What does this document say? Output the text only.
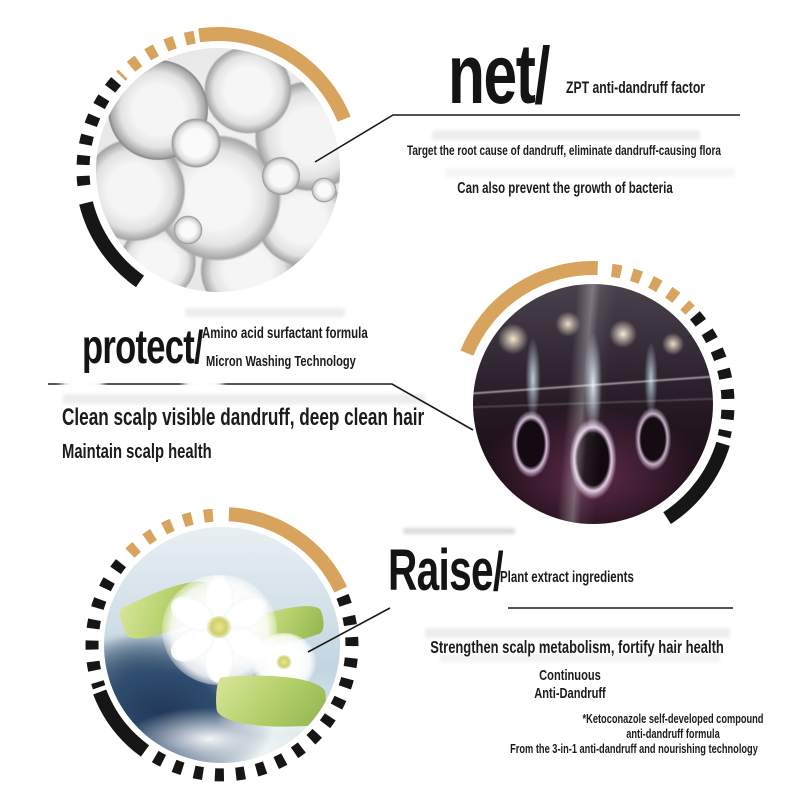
net/ ZPT anti-dandruff factor
Target the root cause of dandruff, eliminate dandruff-causing flora
Can also prevent the growth of bacteria
protect/
Amino acid surfactant formula
Micron Washing Technology
Clean scalp visible dandruff, deep clean hair
Maintain scalp health
Raise/
Plant extract ingredients
Strengthen scalp metabolism, fortify hair health
Continuous
Anti-Dandruff
*Ketoconazole self-developed compound
anti-dandruff formula
From the 3-in-1 anti-dandruff and nourishing technology
